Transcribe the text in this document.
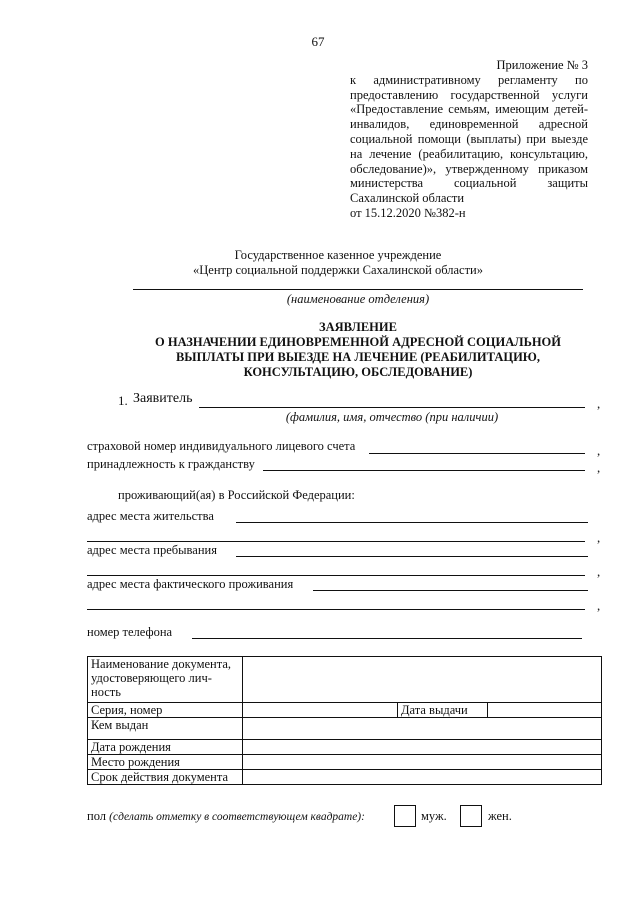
67
Приложение № 3
к административному регламенту по
предоставлению государственной услуги
«Предоставление семьям, имеющим детей-
инвалидов, единовременной адресной
социальной помощи (выплаты) при выезде
на лечение (реабилитацию, консультацию,
обследование)», утвержденному приказом
министерства социальной защиты
Сахалинской области
от 15.12.2020 №382-н
Государственное казенное учреждение
«Центр социальной поддержки Сахалинской области»
(наименование отделения)
ЗАЯВЛЕНИЕ
О НАЗНАЧЕНИИ ЕДИНОВРЕМЕННОЙ АДРЕСНОЙ СОЦИАЛЬНОЙ
ВЫПЛАТЫ ПРИ ВЫЕЗДЕ НА ЛЕЧЕНИЕ (РЕАБИЛИТАЦИЮ,
КОНСУЛЬТАЦИЮ, ОБСЛЕДОВАНИЕ)
1. Заявитель	,
(фамилия, имя, отчество (при наличии)
страховой номер индивидуального лицевого счета	,
принадлежность к гражданству	,
проживающий(ая) в Российской Федерации:
адрес места жительства
,
адрес места пребывания
,
адрес места фактического проживания
,
номер телефона
Наименование документа, удостоверяющего лич-ность			
Серия, номер		Дата выдачи	
Кем выдан			
Дата рождения			
Место рождения			
Срок действия документа			
пол (сделать отметку в соответствующем квадрате):	муж.	жен.
